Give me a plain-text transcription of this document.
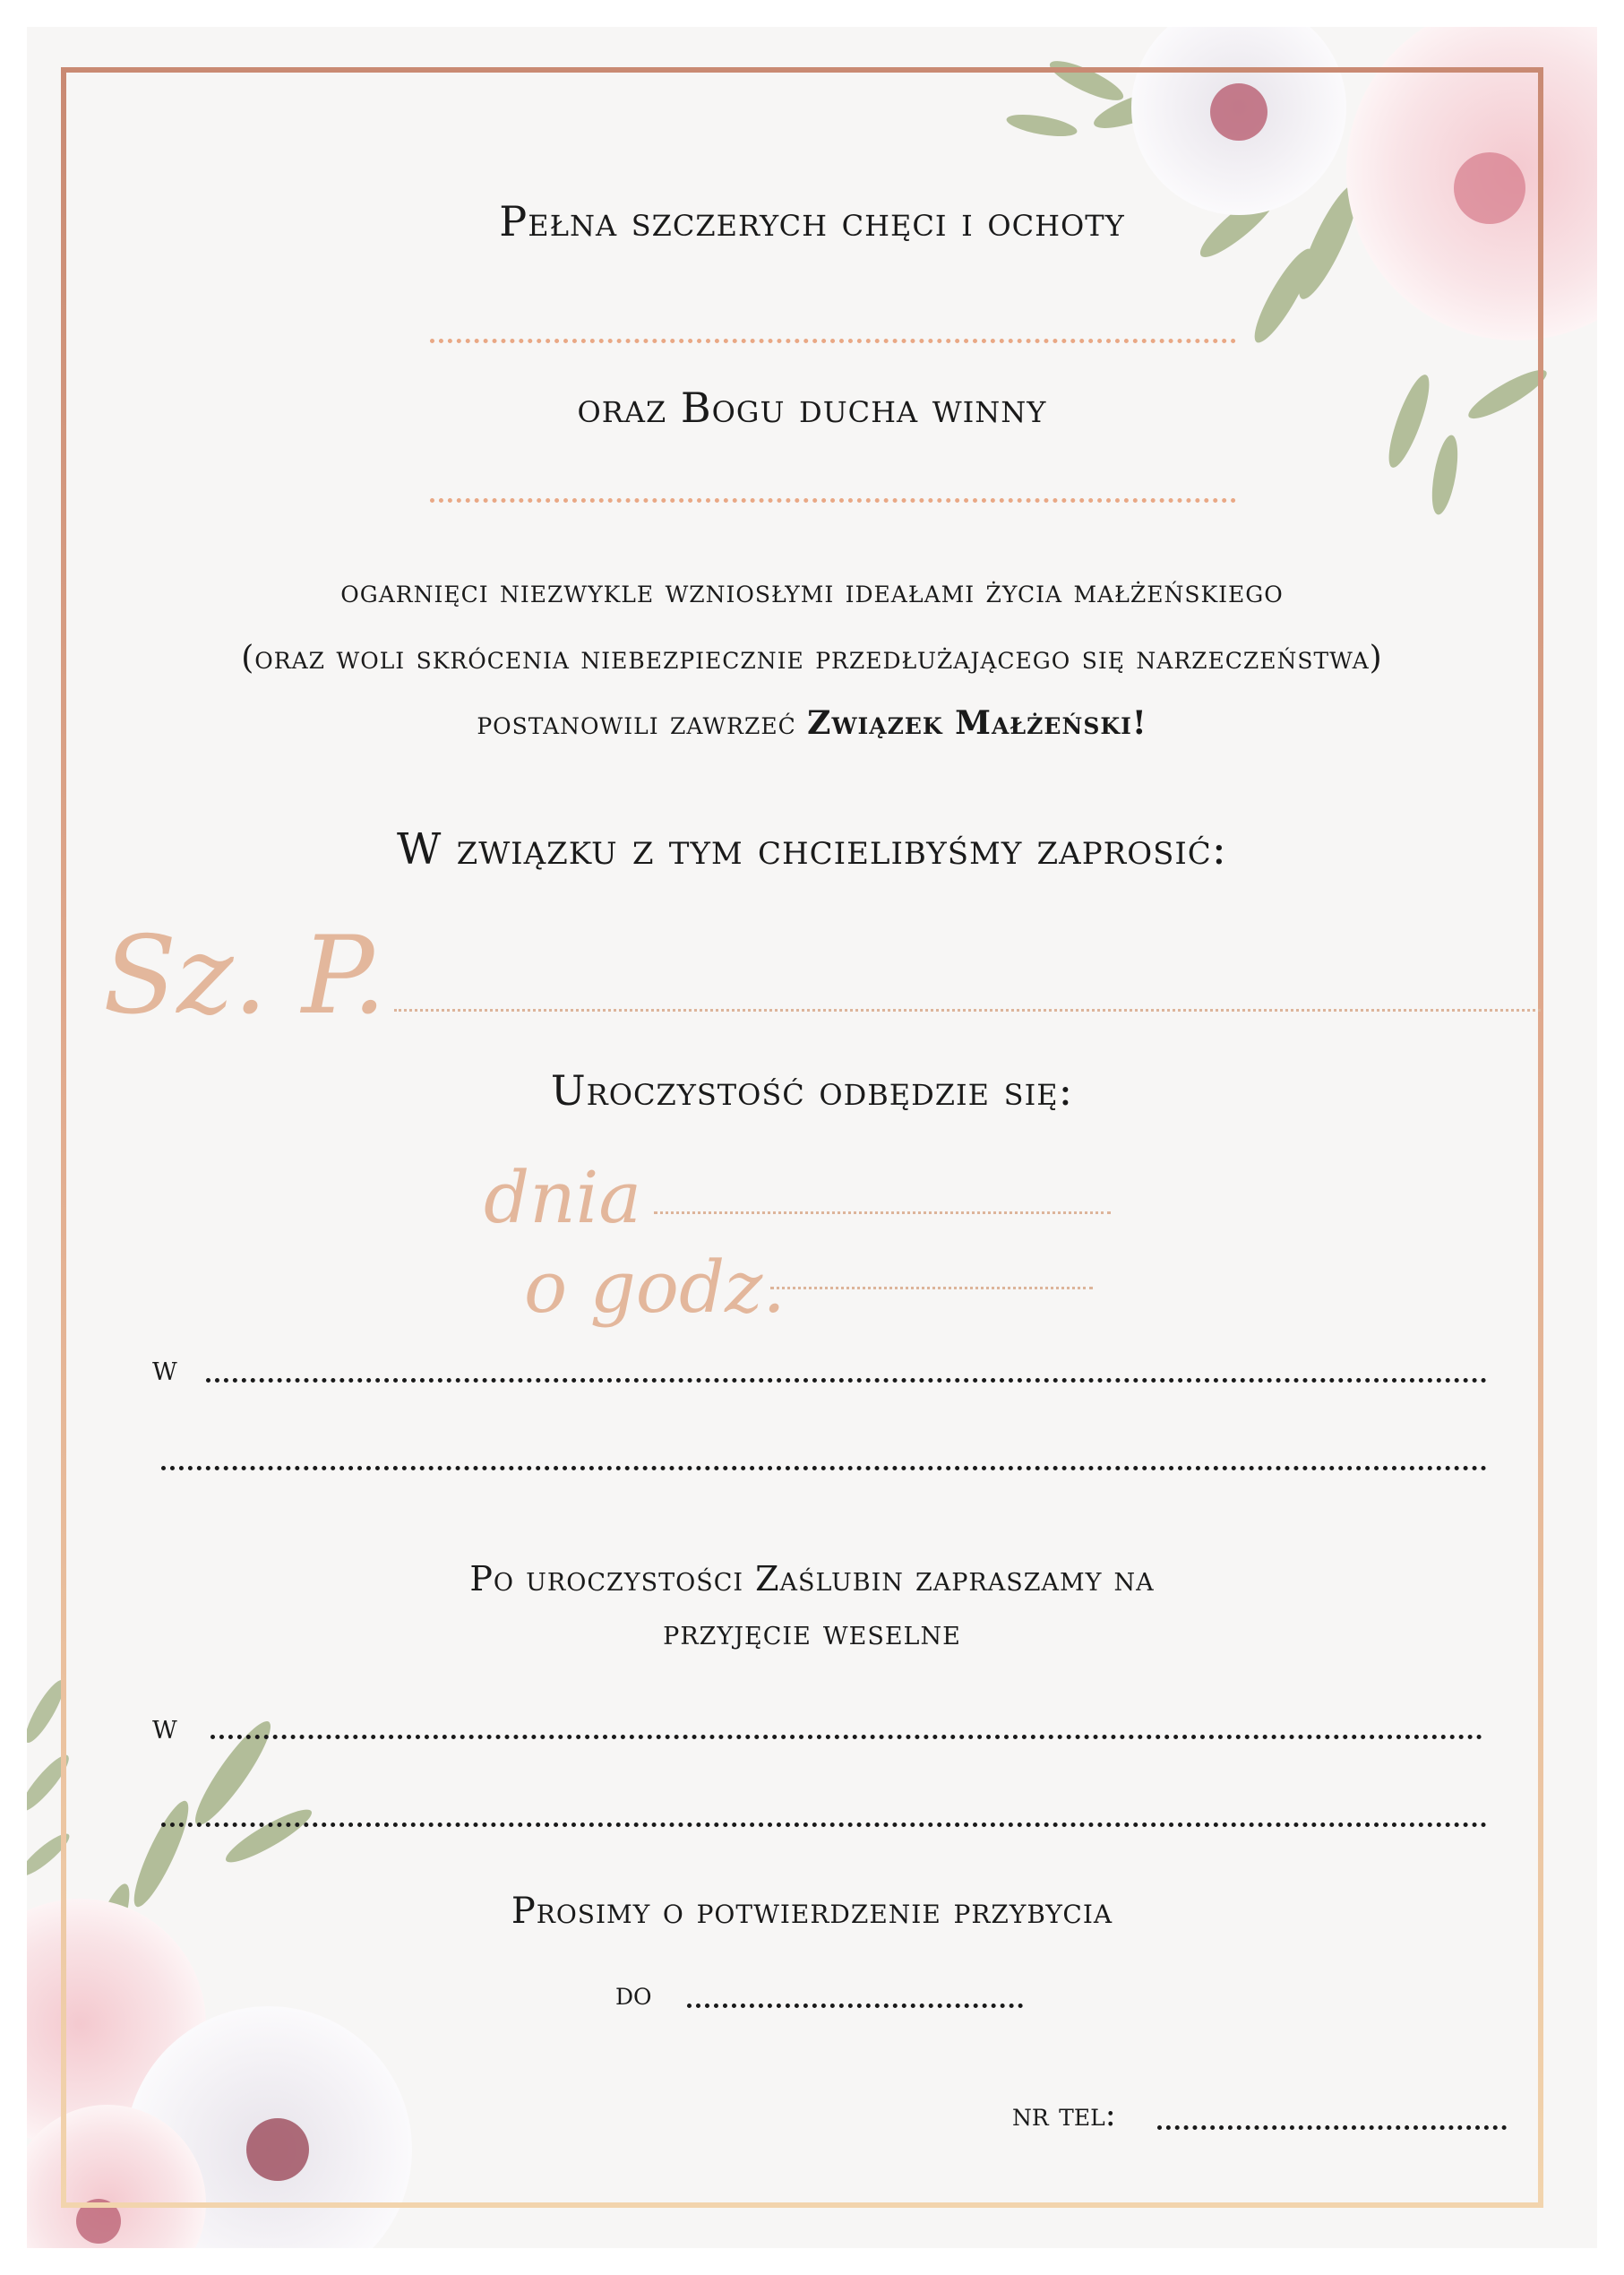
Pełna szczerych chęci i ochoty
oraz Bogu ducha winny
ogarnięci niezwykle wzniosłymi ideałami życia małżeńskiego
(oraz woli skrócenia niebezpiecznie przedłużającego się narzeczeństwa)
postanowili zawrzeć Związek Małżeński!
W związku z tym chcielibyśmy zaprosić:
Sz. P.
Uroczystość odbędzie się:
dnia
o godz.
w
Po uroczystości Zaślubin zapraszamy na
przyjęcie weselne
w
Prosimy o potwierdzenie przybycia
do
nr tel:
